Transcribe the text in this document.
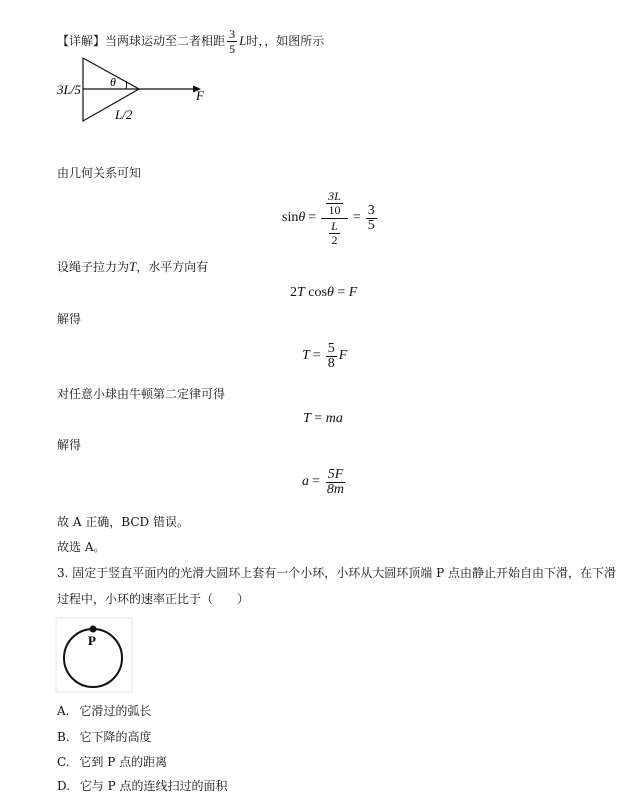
【 详解 】 当两球运动至二者相距 $\frac{3}{5}$ L 时，，如图所示
3L/5 θ
F
L/2
由几何关系可知
$\sin \theta = \frac{\frac{3L}{10}}{\frac{L}{2}} = \frac{3}{5}$
设绳子拉力为T，水平方向有
2T cosθ = F
解得
$T = \frac{5}{8}$ F
对任意小球由牛顿第二定律可得
T = ma
解得
$a = \frac{5F}{8m}$
故 A 正确，BCD 错误。
故选 A。
3. 固定于竖直平面内的光滑大圆环上套有一个小环，小环从大圆环顶端 P 点由静止开始自由下滑，在下滑
过程中，小环的速率正比于（　　）
P
A. 它滑过的弧长
B. 它下降的高度
C. 它到 P 点的距离
D. 它与 P 点的连线扫过的面积
